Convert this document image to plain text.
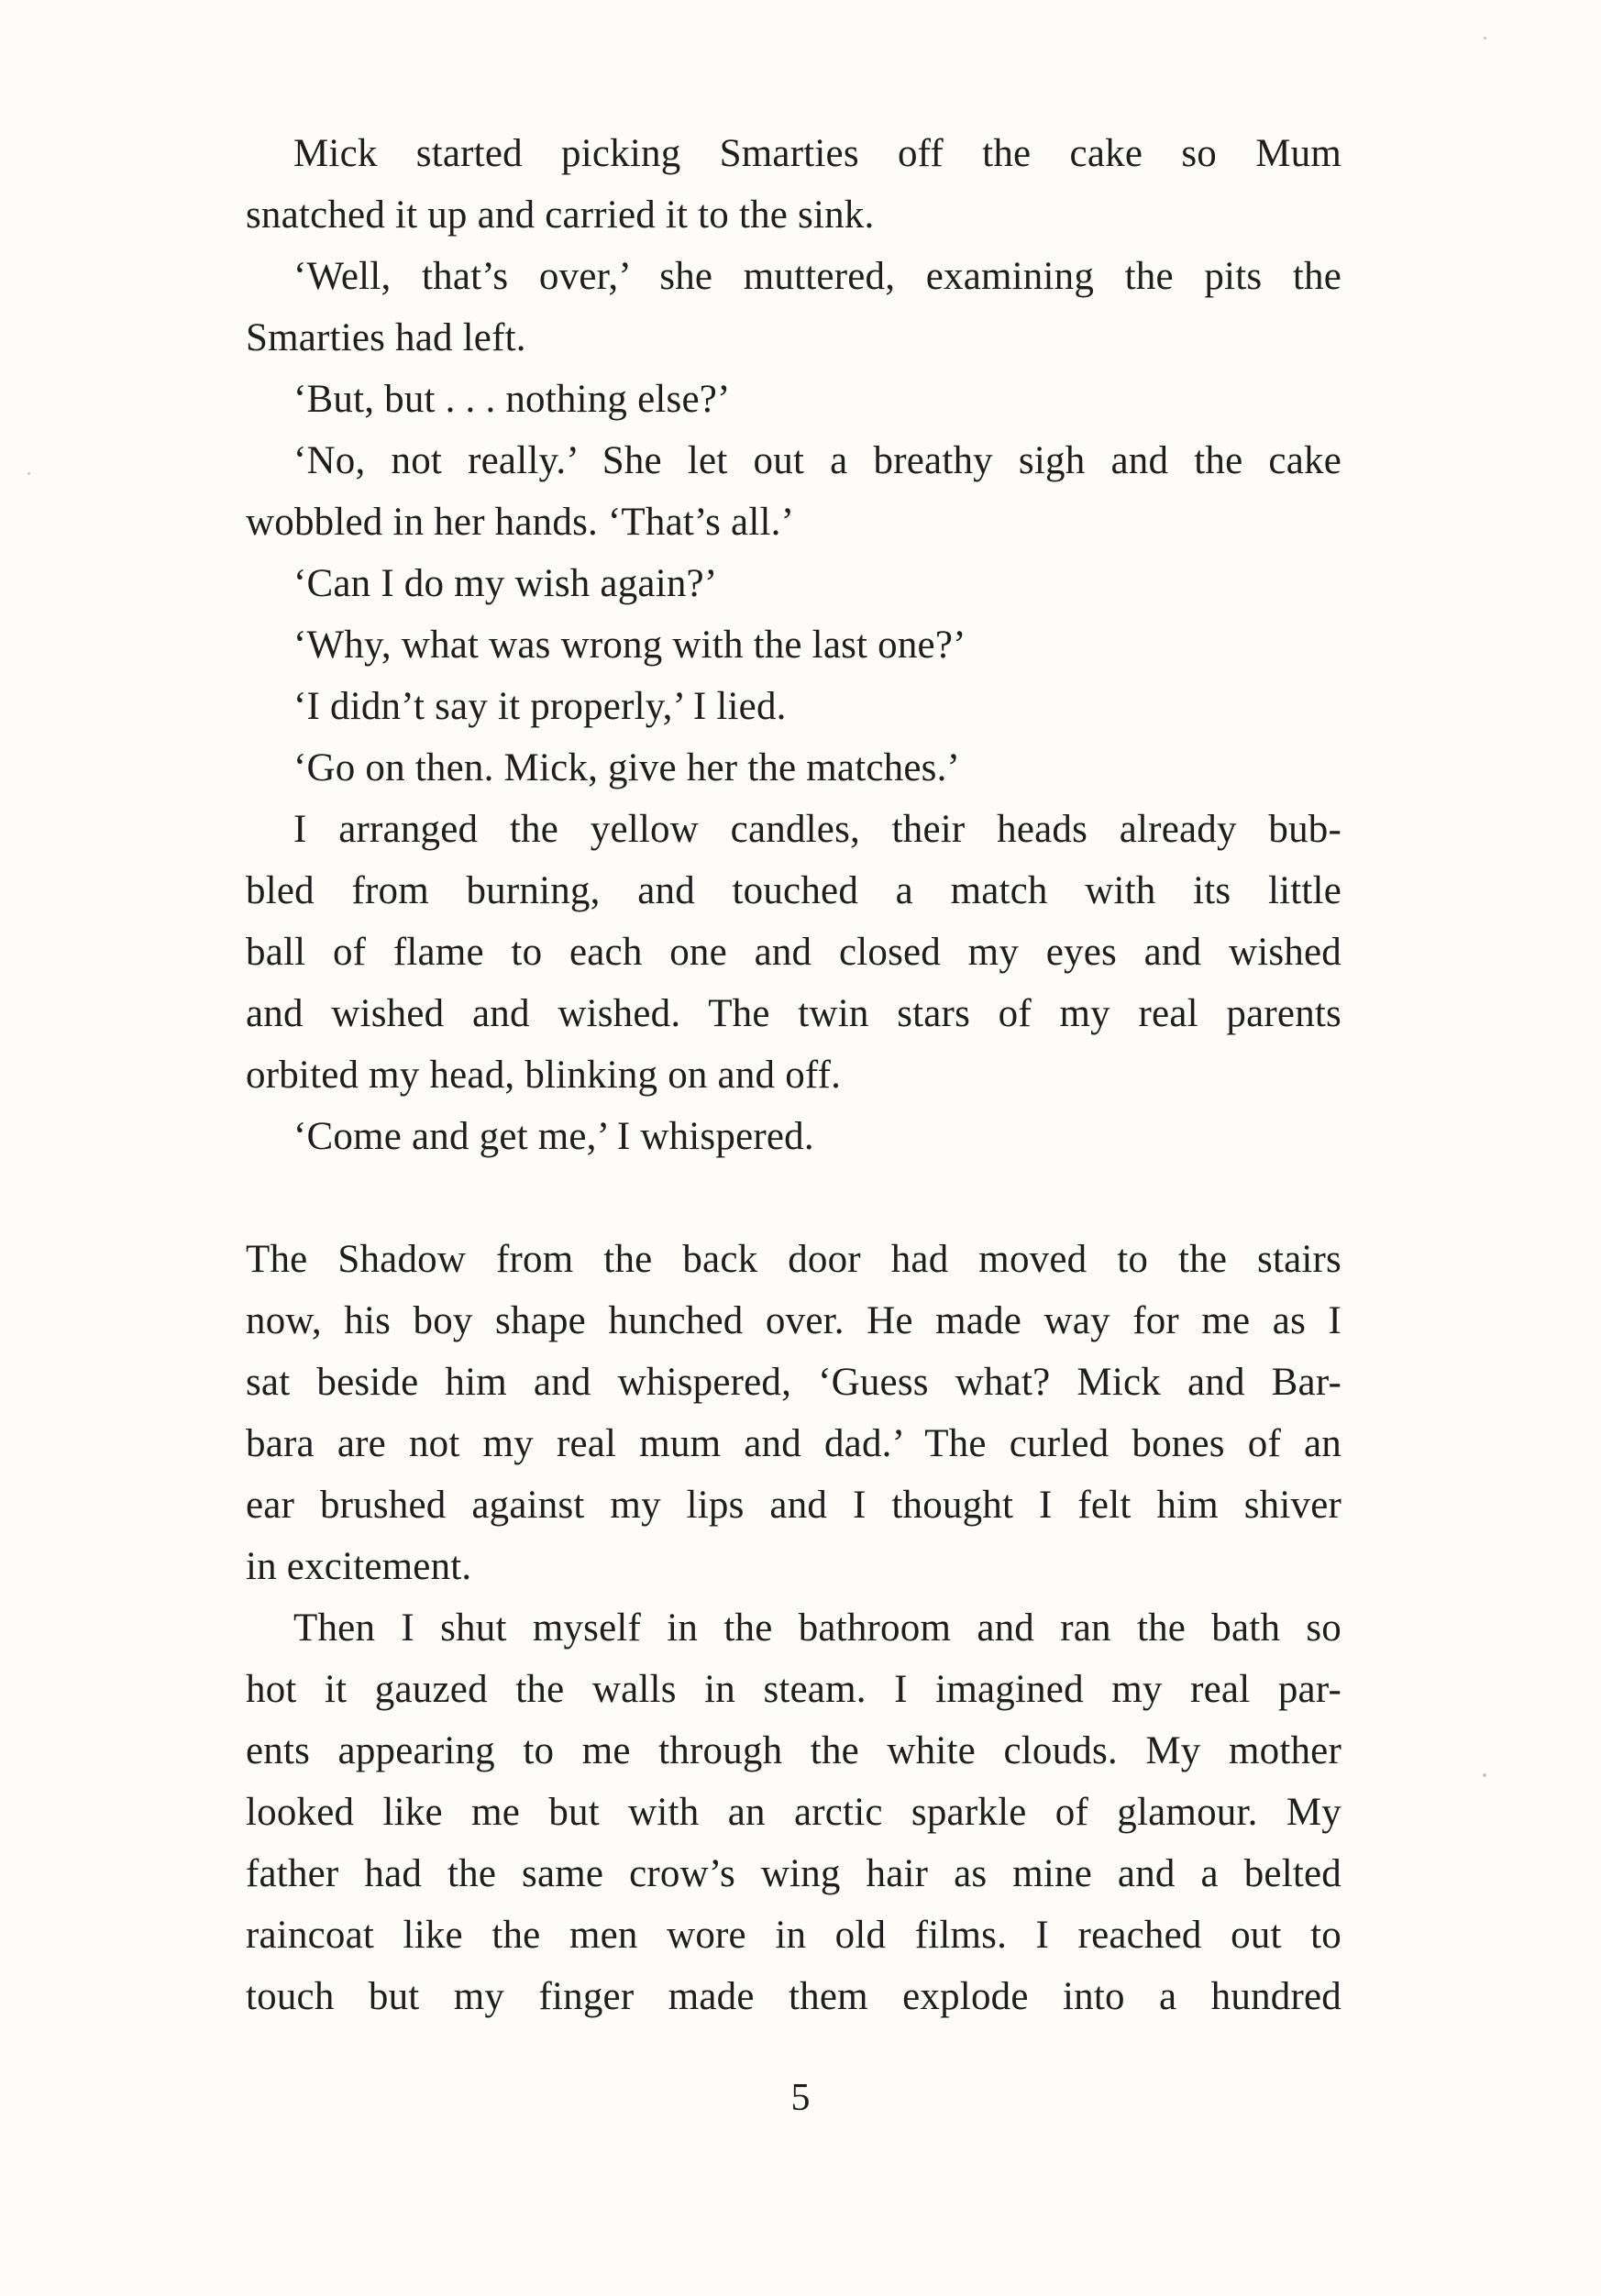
Mick started picking Smarties off the cake so Mum
snatched it up and carried it to the sink.
‘Well, that’s over,’ she muttered, examining the pits the
Smarties had left.
‘But, but . . . nothing else?’
‘No, not really.’ She let out a breathy sigh and the cake
wobbled in her hands. ‘That’s all.’
‘Can I do my wish again?’
‘Why, what was wrong with the last one?’
‘I didn’t say it properly,’ I lied.
‘Go on then. Mick, give her the matches.’
I arranged the yellow candles, their heads already bub-
bled from burning, and touched a match with its little
ball of flame to each one and closed my eyes and wished
and wished and wished. The twin stars of my real parents
orbited my head, blinking on and off.
‘Come and get me,’ I whispered.
The Shadow from the back door had moved to the stairs
now, his boy shape hunched over. He made way for me as I
sat beside him and whispered, ‘Guess what? Mick and Bar-
bara are not my real mum and dad.’ The curled bones of an
ear brushed against my lips and I thought I felt him shiver
in excitement.
Then I shut myself in the bathroom and ran the bath so
hot it gauzed the walls in steam. I imagined my real par-
ents appearing to me through the white clouds. My mother
looked like me but with an arctic sparkle of glamour. My
father had the same crow’s wing hair as mine and a belted
raincoat like the men wore in old films. I reached out to
touch but my finger made them explode into a hundred
5
